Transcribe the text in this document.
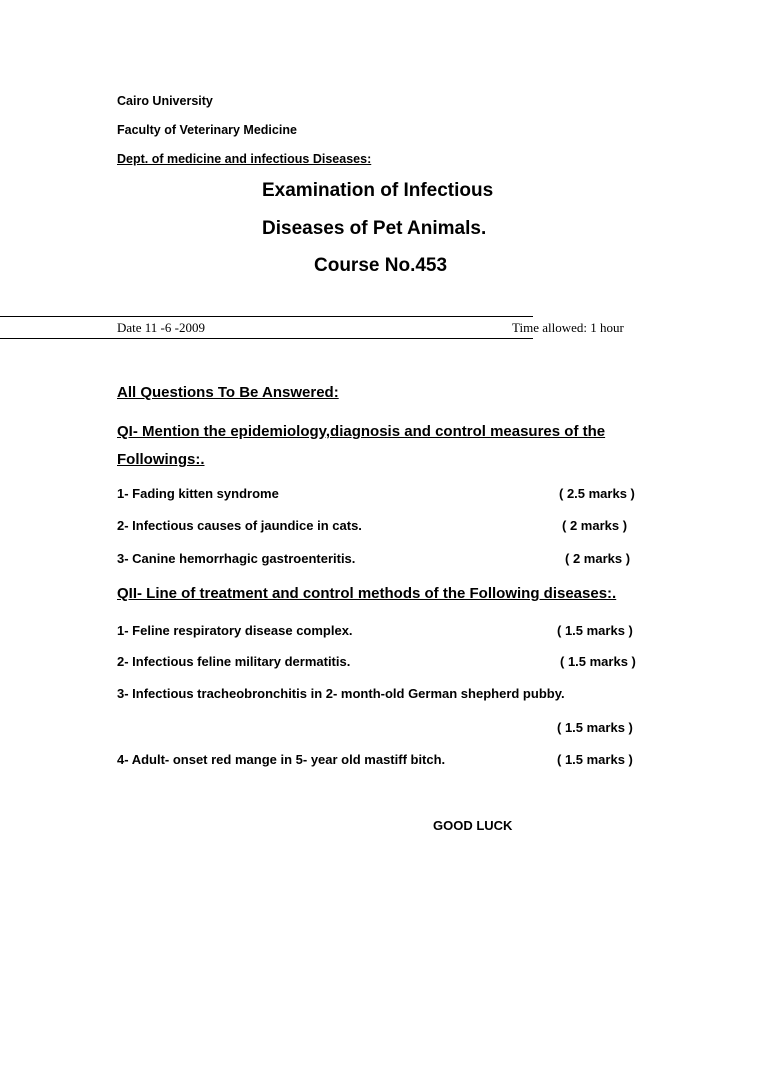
Cairo University
Faculty of Veterinary Medicine
Dept. of medicine and infectious Diseases:
Examination of Infectious
Diseases of Pet Animals.
Course No.453
Date 11 -6 -2009	Time allowed: 1 hour
All Questions To Be Answered:
QI- Mention the epidemiology,diagnosis and control measures of the
Followings:.
1- Fading kitten syndrome	( 2.5 marks )
2- Infectious causes of jaundice in cats.	( 2 marks )
3- Canine hemorrhagic gastroenteritis.	( 2 marks )
QII- Line of treatment and control methods of the Following diseases:.
1- Feline respiratory disease complex.	( 1.5 marks )
2- Infectious feline military dermatitis.	( 1.5 marks )
3- Infectious tracheobronchitis in 2- month-old German shepherd pubby.
( 1.5 marks )
4- Adult- onset red mange in 5- year old mastiff bitch.	( 1.5 marks )
GOOD LUCK
